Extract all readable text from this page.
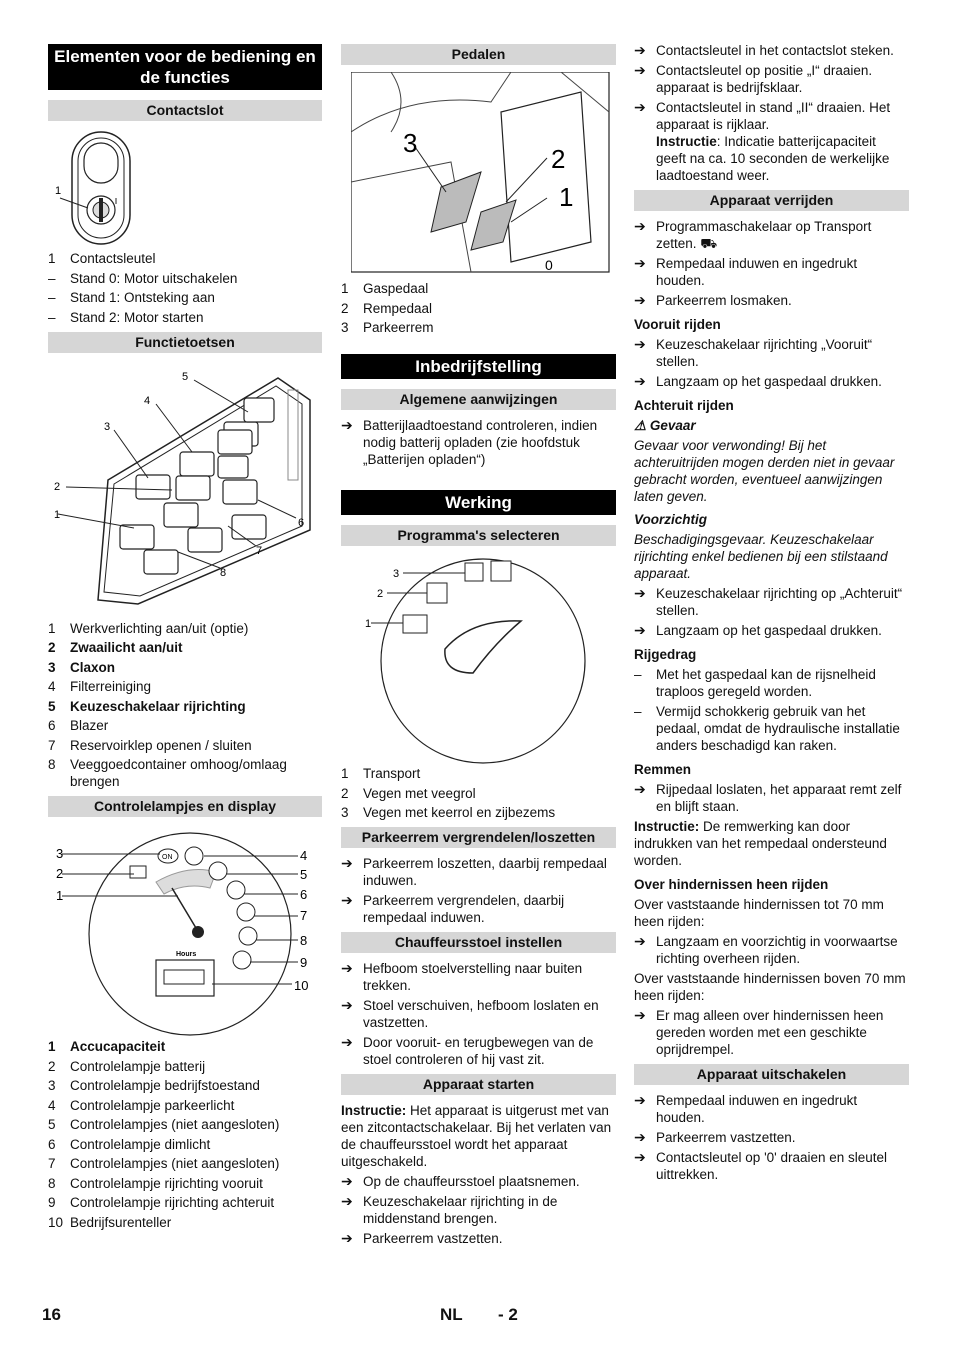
Elementen voor de bediening en de functies
Contactslot
1
1	Contactsleutel
–	Stand 0: Motor uitschakelen
–	Stand 1: Ontsteking aan
–	Stand 2: Motor starten
Functietoetsen
1
2
3
4
5
6
7
8
1	Werkverlichting aan/uit (optie)
2	Zwaailicht aan/uit
3	Claxon
4	Filterreiniging
5	Keuzeschakelaar rijrichting
6	Blazer
7	Reservoirklep openen / sluiten
8	Veeggoedcontainer omhoog/omlaag brengen
Controlelampjes en display
ON
Hours
1
2
3	4
5
6
7
8
9
10
1	Accucapaciteit
2	Controlelampje batterij
3	Controlelampje bedrijfstoestand
4	Controlelampje parkeerlicht
5	Controlelampjes (niet aangesloten)
6	Controlelampje dimlicht
7	Controlelampjes (niet aangesloten)
8	Controlelampje rijrichting vooruit
9	Controlelampje rijrichting achteruit
10 Bedrijfsurenteller
Pedalen
3
2
1
0
1	Gaspedaal
2	Rempedaal
3	Parkeerrem
Inbedrijfstelling
Algemene aanwijzingen
➔ Batterijlaadtoestand controleren, indien nodig batterij opladen (zie hoofdstuk „Batterijen opladen“)
Werking
Programma's selecteren
3
2
1
1	Transport
2	Vegen met veegrol
3	Vegen met keerrol en zijbezems
Parkeerrem vergrendelen/loszetten
➔ Parkeerrem loszetten, daarbij rempedaal induwen.
➔ Parkeerrem vergrendelen, daarbij rempedaal induwen.
Chauffeursstoel instellen
➔ Hefboom stoelverstelling naar buiten trekken.
➔ Stoel verschuiven, hefboom loslaten en vastzetten.
➔ Door vooruit- en terugbewegen van de stoel controleren of hij vast zit.
Apparaat starten
Instructie: Het apparaat is uitgerust met van een zitcontactschakelaar. Bij het verlaten van de chauffeursstoel wordt het apparaat uitgeschakeld.
➔ Op de chauffeursstoel plaatsnemen.
➔ Keuzeschakelaar rijrichting in de middenstand brengen.
➔ Parkeerrem vastzetten.
➔ Contactsleutel in het contactslot steken.
➔ Contactsleutel op positie „I“ draaien. apparaat is bedrijfsklaar.
➔ Contactsleutel in stand „II“ draaien. Het apparaat is rijklaar.
Instructie: Indicatie batterijcapaciteit geeft na ca. 10 seconden de werkelijke laadtoestand weer.
Apparaat verrijden
➔ Programmaschakelaar op Transport zetten. ⛟
➔ Rempedaal induwen en ingedrukt houden.
➔ Parkeerrem losmaken.
Vooruit rijden
➔ Keuzeschakelaar rijrichting „Vooruit“ stellen.
➔ Langzaam op het gaspedaal drukken.
Achteruit rijden
⚠ Gevaar
Gevaar voor verwonding! Bij het achteruitrijden mogen derden niet in gevaar gebracht worden, eventueel aanwijzingen laten geven.
Voorzichtig
Beschadigingsgevaar. Keuzeschakelaar rijrichting enkel bedienen bij een stilstaand apparaat.
➔ Keuzeschakelaar rijrichting op „Achteruit“ stellen.
➔ Langzaam op het gaspedaal drukken.
Rijgedrag
–	Met het gaspedaal kan de rijsnelheid traploos geregeld worden.
–	Vermijd schokkerig gebruik van het pedaal, omdat de hydraulische installatie anders beschadigd kan raken.
Remmen
➔ Rijpedaal loslaten, het apparaat remt zelf en blijft staan.
Instructie: De remwerking kan door indrukken van het rempedaal ondersteund worden.
Over hindernissen heen rijden
Over vaststaande hindernissen tot 70 mm heen rijden:
➔ Langzaam en voorzichtig in voorwaartse richting overheen rijden.
Over vaststaande hindernissen boven 70 mm heen rijden:
➔ Er mag alleen over hindernissen heen gereden worden met een geschikte oprijdrempel.
Apparaat uitschakelen
➔ Rempedaal induwen en ingedrukt houden.
➔ Parkeerrem vastzetten.
➔ Contactsleutel op '0' draaien en sleutel uittrekken.
16	NL - 2
